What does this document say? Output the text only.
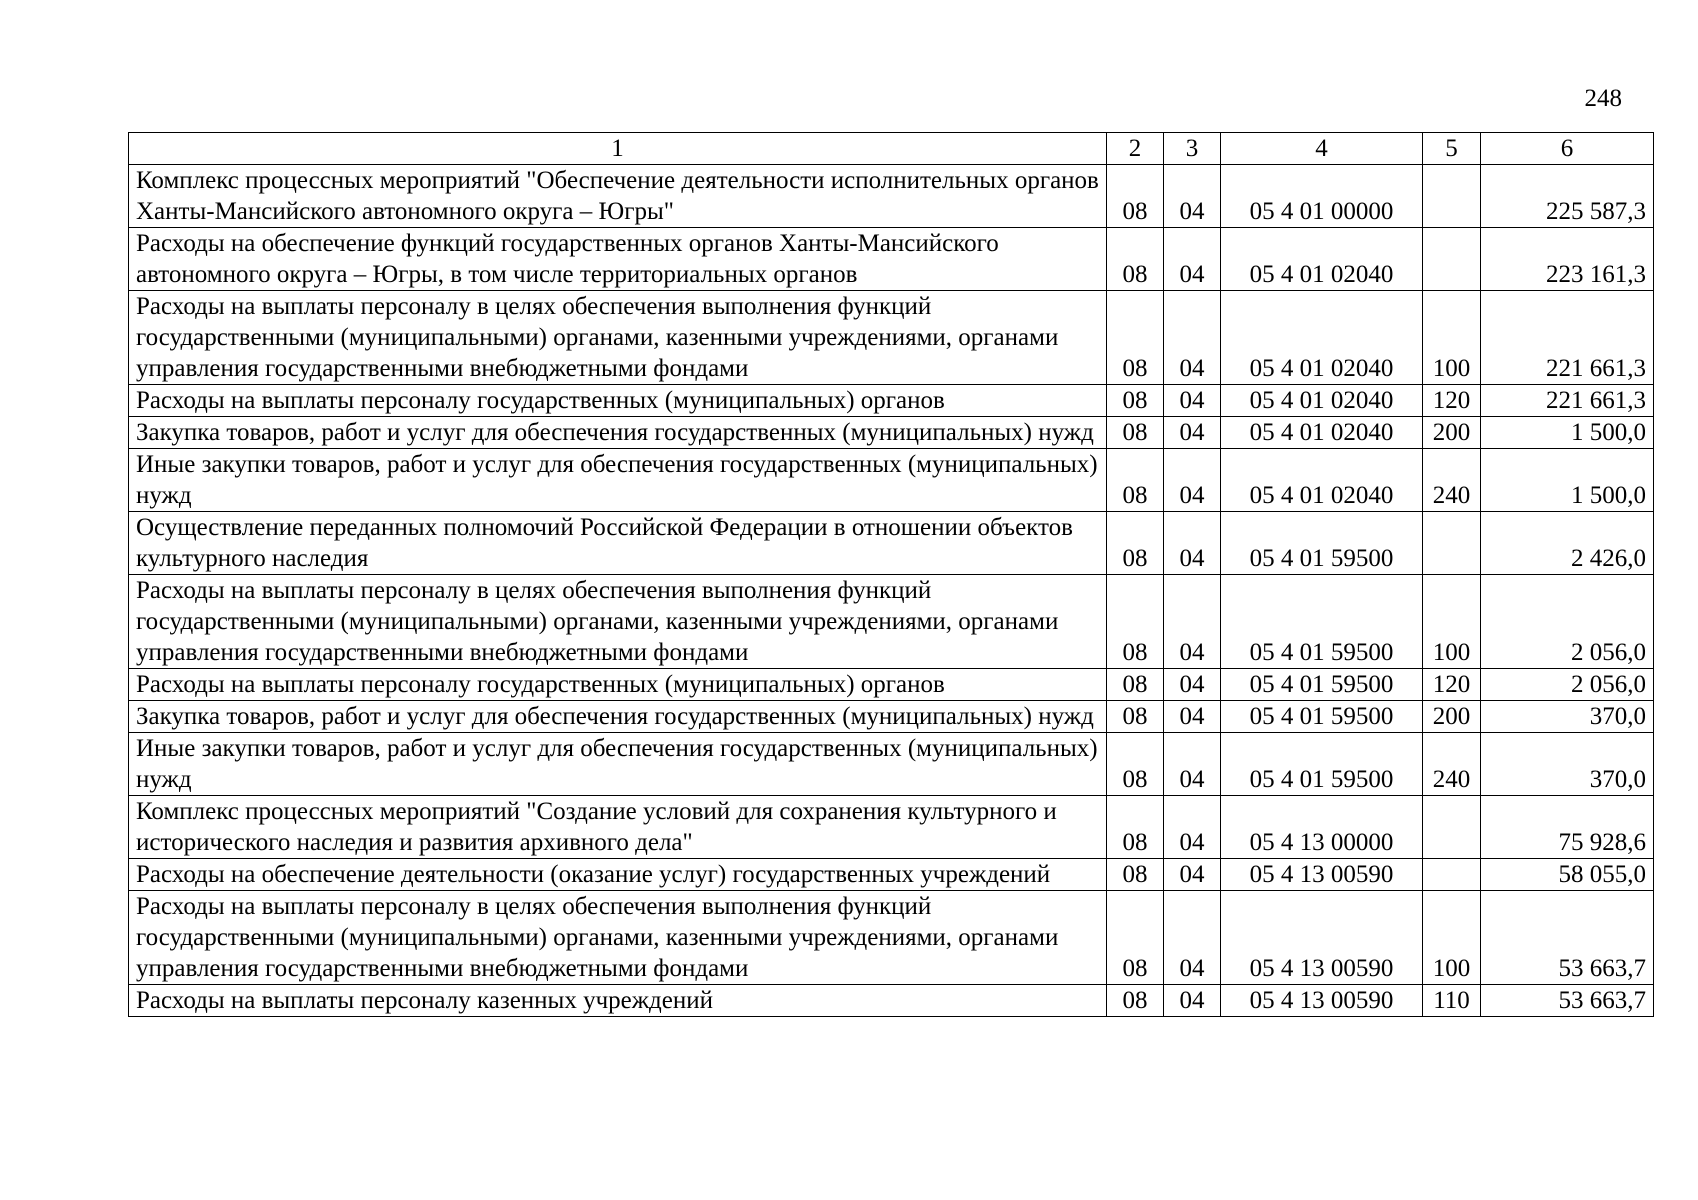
248
1	2	3	4	5	6
Комплекс процессных мероприятий "Обеспечение деятельности исполнительных органов Ханты-Мансийского автономного округа – Югры"	08	04	05 4 01 00000		225 587,3
Расходы на обеспечение функций государственных органов Ханты-Мансийского автономного округа – Югры, в том числе территориальных органов	08	04	05 4 01 02040		223 161,3
Расходы на выплаты персоналу в целях обеспечения выполнения функций государственными (муниципальными) органами, казенными учреждениями, органами управления государственными внебюджетными фондами	08	04	05 4 01 02040	100	221 661,3
Расходы на выплаты персоналу государственных (муниципальных) органов	08	04	05 4 01 02040	120	221 661,3
Закупка товаров, работ и услуг для обеспечения государственных (муниципальных) нужд	08	04	05 4 01 02040	200	1 500,0
Иные закупки товаров, работ и услуг для обеспечения государственных (муниципальных) нужд	08	04	05 4 01 02040	240	1 500,0
Осуществление переданных полномочий Российской Федерации в отношении объектов культурного наследия	08	04	05 4 01 59500		2 426,0
Расходы на выплаты персоналу в целях обеспечения выполнения функций государственными (муниципальными) органами, казенными учреждениями, органами управления государственными внебюджетными фондами	08	04	05 4 01 59500	100	2 056,0
Расходы на выплаты персоналу государственных (муниципальных) органов	08	04	05 4 01 59500	120	2 056,0
Закупка товаров, работ и услуг для обеспечения государственных (муниципальных) нужд	08	04	05 4 01 59500	200	370,0
Иные закупки товаров, работ и услуг для обеспечения государственных (муниципальных) нужд	08	04	05 4 01 59500	240	370,0
Комплекс процессных мероприятий "Создание условий для сохранения культурного и исторического наследия и развития архивного дела"	08	04	05 4 13 00000		75 928,6
Расходы на обеспечение деятельности (оказание услуг) государственных учреждений	08	04	05 4 13 00590		58 055,0
Расходы на выплаты персоналу в целях обеспечения выполнения функций государственными (муниципальными) органами, казенными учреждениями, органами управления государственными внебюджетными фондами	08	04	05 4 13 00590	100	53 663,7
Расходы на выплаты персоналу казенных учреждений	08	04	05 4 13 00590	110	53 663,7
